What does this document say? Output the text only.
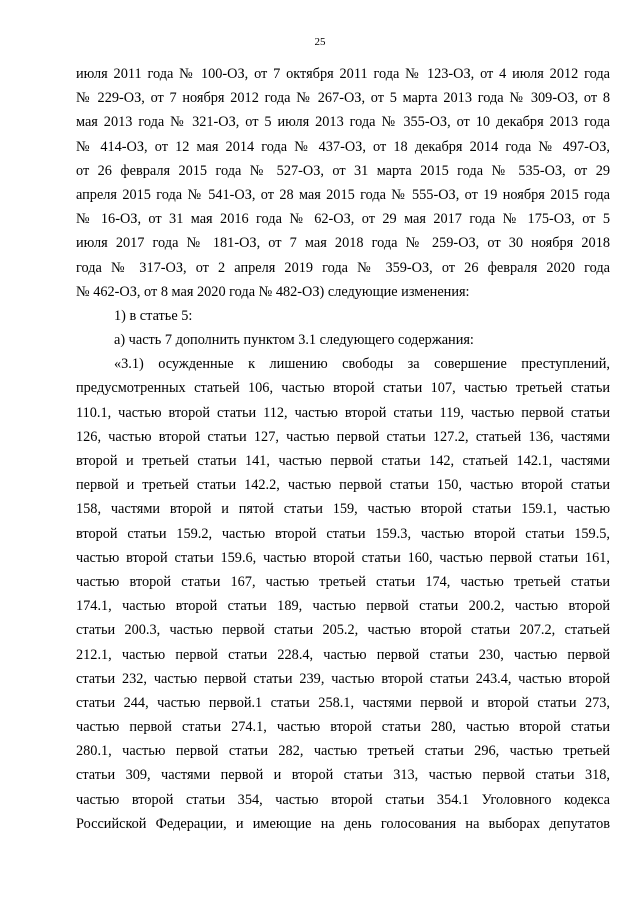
25
июля 2011 года № 100-ОЗ, от 7 октября 2011 года № 123-ОЗ, от 4 июля 2012 года
№ 229-ОЗ, от 7 ноября 2012 года № 267-ОЗ, от 5 марта 2013 года № 309-ОЗ, от 8
мая 2013 года № 321-ОЗ, от 5 июля 2013 года № 355-ОЗ, от 10 декабря 2013 года
№ 414-ОЗ, от 12 мая 2014 года № 437-ОЗ, от 18 декабря 2014 года № 497-ОЗ,
от 26 февраля 2015 года № 527-ОЗ, от 31 марта 2015 года № 535-ОЗ, от 29
апреля 2015 года № 541-ОЗ, от 28 мая 2015 года № 555-ОЗ, от 19 ноября 2015 года
№ 16-ОЗ, от 31 мая 2016 года № 62-ОЗ, от 29 мая 2017 года № 175-ОЗ, от 5
июля 2017 года № 181-ОЗ, от 7 мая 2018 года № 259-ОЗ, от 30 ноября 2018
года № 317-ОЗ, от 2 апреля 2019 года № 359-ОЗ, от 26 февраля 2020 года
№ 462-ОЗ, от 8 мая 2020 года № 482-ОЗ) следующие изменения:
1) в статье 5:
а) часть 7 дополнить пунктом 3.1 следующего содержания:
«3.1) осужденные к лишению свободы за совершение преступлений,
предусмотренных статьей 106, частью второй статьи 107, частью третьей статьи
110.1, частью второй статьи 112, частью второй статьи 119, частью первой статьи
126, частью второй статьи 127, частью первой статьи 127.2, статьей 136, частями
второй и третьей статьи 141, частью первой статьи 142, статьей 142.1, частями
первой и третьей статьи 142.2, частью первой статьи 150, частью второй статьи
158, частями второй и пятой статьи 159, частью второй статьи 159.1, частью
второй статьи 159.2, частью второй статьи 159.3, частью второй статьи 159.5,
частью второй статьи 159.6, частью второй статьи 160, частью первой статьи 161,
частью второй статьи 167, частью третьей статьи 174, частью третьей статьи
174.1, частью второй статьи 189, частью первой статьи 200.2, частью второй
статьи 200.3, частью первой статьи 205.2, частью второй статьи 207.2, статьей
212.1, частью первой статьи 228.4, частью первой статьи 230, частью первой
статьи 232, частью первой статьи 239, частью второй статьи 243.4, частью второй
статьи 244, частью первой.1 статьи 258.1, частями первой и второй статьи 273,
частью первой статьи 274.1, частью второй статьи 280, частью второй статьи
280.1, частью первой статьи 282, частью третьей статьи 296, частью третьей
статьи 309, частями первой и второй статьи 313, частью первой статьи 318,
частью второй статьи 354, частью второй статьи 354.1 Уголовного кодекса
Российской Федерации, и имеющие на день голосования на выборах депутатов
